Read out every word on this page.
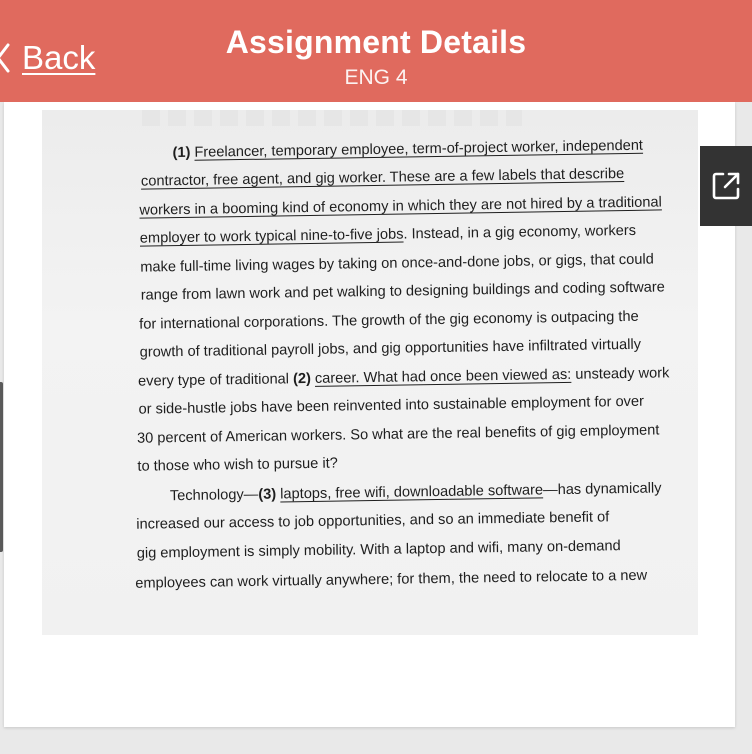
Back	Assignment Details
ENG 4
(1) Freelancer, temporary employee, term-of-project worker, independent
contractor, free agent, and gig worker. These are a few labels that describe
workers in a booming kind of economy in which they are not hired by a traditional
employer to work typical nine-to-five jobs. Instead, in a gig economy, workers
make full-time living wages by taking on once-and-done jobs, or gigs, that could
range from lawn work and pet walking to designing buildings and coding software
for international corporations. The growth of the gig economy is outpacing the
growth of traditional payroll jobs, and gig opportunities have infiltrated virtually
every type of traditional (2) career. What had once been viewed as: unsteady work
or side-hustle jobs have been reinvented into sustainable employment for over
30 percent of American workers. So what are the real benefits of gig employment
to those who wish to pursue it?
Technology—(3) laptops, free wifi, downloadable software—has dynamically
increased our access to job opportunities, and so an immediate benefit of
gig employment is simply mobility. With a laptop and wifi, many on-demand
employees can work virtually anywhere; for them, the need to relocate to a new
